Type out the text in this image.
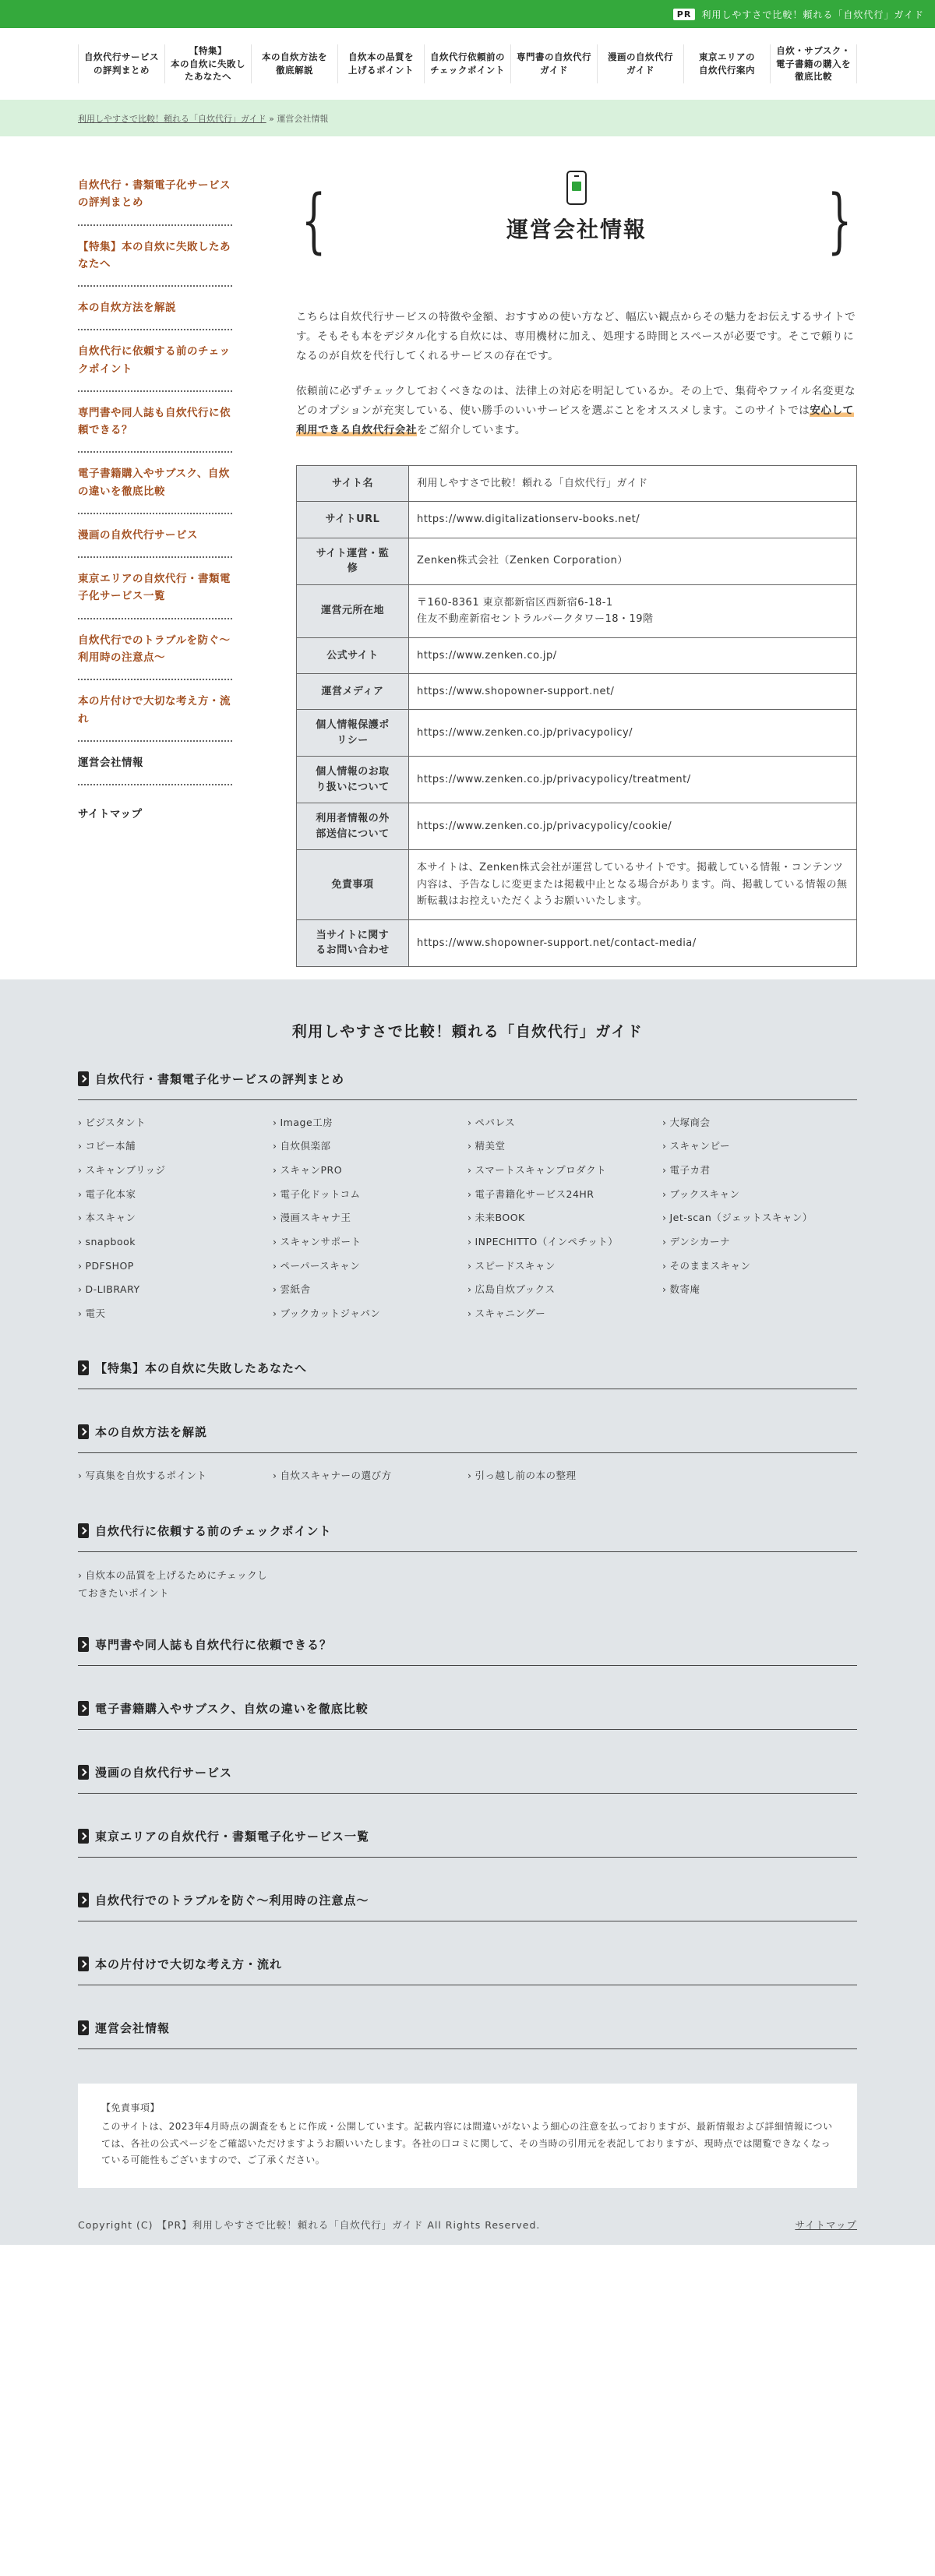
PR	利用しやすさで比較！頼れる「自炊代行」ガイド
自炊代行サービス
の評判まとめ
【特集】
本の自炊に失敗し
たあなたへ
本の自炊方法を
徹底解説
自炊本の品質を
上げるポイント
自炊代行依頼前の
チェックポイント
専門書の自炊代行
ガイド
漫画の自炊代行
ガイド
東京エリアの
自炊代行案内
自炊・サブスク・
電子書籍の購入を
徹底比較
利用しやすさで比較！頼れる「自炊代行」ガイド » 運営会社情報
自炊代行・書類電子化サービスの評判まとめ
【特集】本の自炊に失敗したあなたへ
本の自炊方法を解説
自炊代行に依頼する前のチェックポイント
専門書や同人誌も自炊代行に依頼できる？
電子書籍購入やサブスク、自炊の違いを徹底比較
漫画の自炊代行サービス
東京エリアの自炊代行・書類電子化サービス一覧
自炊代行でのトラブルを防ぐ〜利用時の注意点〜
本の片付けで大切な考え方・流れ
運営会社情報
サイトマップ
{	}
運営会社情報

こちらは自炊代行サービスの特徴や金額、おすすめの使い方など、幅広い観点からその魅力をお伝えするサイトです。そもそも本をデジタル化する自炊には、専用機材に加え、処理する時間とスペースが必要です。そこで頼りになるのが自炊を代行してくれるサービスの存在です。

依頼前に必ずチェックしておくべきなのは、法律上の対応を明記しているか。その上で、集荷やファイル名変更などのオプションが充実している、使い勝手のいいサービスを選ぶことをオススメします。このサイトでは安心して利用できる自炊代行会社をご紹介しています。

サイト名	利用しやすさで比較！頼れる「自炊代行」ガイド
サイトURL	https://www.digitalizationserv-books.net/
サイト運営・監
修	Zenken株式会社（Zenken Corporation）
運営元所在地	〒160-8361 東京都新宿区西新宿6-18-1
住友不動産新宿セントラルパークタワー18・19階
公式サイト	https://www.zenken.co.jp/
運営メディア	https://www.shopowner-support.net/
個人情報保護ポ
リシー	https://www.zenken.co.jp/privacypolicy/
個人情報のお取
り扱いについて	https://www.zenken.co.jp/privacypolicy/treatment/
利用者情報の外
部送信について	https://www.zenken.co.jp/privacypolicy/cookie/
免責事項	本サイトは、Zenken株式会社が運営しているサイトです。掲載している情報・コンテンツ内容は、予告なしに変更または掲載中止となる場合があります。尚、掲載している情報の無断転載はお控えいただくようお願いいたします。
当サイトに関す
るお問い合わせ	https://www.shopowner-support.net/contact-media/
利用しやすさで比較！頼れる「自炊代行」ガイド
自炊代行・書類電子化サービスの評判まとめ
› ビジスタント	› Image工房	› ペパレス	› 大塚商会
› コピー本舗	› 自炊倶楽部	› 精美堂	› スキャンピー
› スキャンブリッジ	› スキャンPRO	› スマートスキャンプロダクト	› 電子カ君
› 電子化本家	› 電子化ドットコム	› 電子書籍化サービス24HR	› ブックスキャン
› 本スキャン	› 漫画スキャナ王	› 未来BOOK	› Jet-scan（ジェットスキャン）
› snapbook	› スキャンサポート	› INPECHITTO（インペチット）	› デンシカーナ
› PDFSHOP	› ペーパースキャン	› スピードスキャン	› そのままスキャン
› D-LIBRARY	› 雲紙舎	› 広島自炊ブックス	› 数寄庵
› 電天	› ブックカットジャパン	› スキャニングー
【特集】本の自炊に失敗したあなたへ
本の自炊方法を解説
› 写真集を自炊するポイント	› 自炊スキャナーの選び方	› 引っ越し前の本の整理
自炊代行に依頼する前のチェックポイント
› 自炊本の品質を上げるためにチェックしておきたいポイント
専門書や同人誌も自炊代行に依頼できる？
電子書籍購入やサブスク、自炊の違いを徹底比較
漫画の自炊代行サービス
東京エリアの自炊代行・書類電子化サービス一覧
自炊代行でのトラブルを防ぐ〜利用時の注意点〜
本の片付けで大切な考え方・流れ
運営会社情報
【免責事項】

このサイトは、2023年4月時点の調査をもとに作成・公開しています。記載内容には間違いがないよう細心の注意を払っておりますが、最新情報および詳細情報については、各社の公式ページをご確認いただけますようお願いいたします。各社の口コミに関して、その当時の引用元を表記しておりますが、現時点では閲覧できなくなっている可能性もございますので、ご了承ください。

Copyright (C) 【PR】利用しやすさで比較！頼れる「自炊代行」ガイド All Rights Reserved.	サイトマップ
